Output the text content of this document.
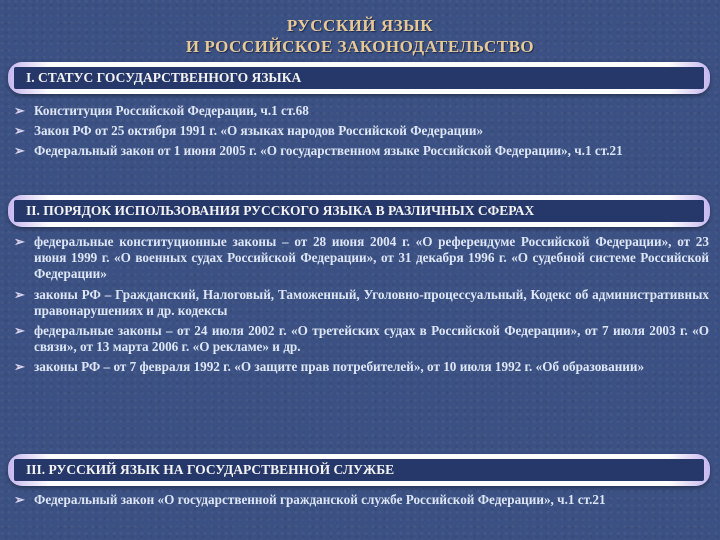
РУССКИЙ ЯЗЫК
И РОССИЙСКОЕ ЗАКОНОДАТЕЛЬСТВО
I. СТАТУС ГОСУДАРСТВЕННОГО ЯЗЫКА
➢ Конституция Российской Федерации, ч.1 ст.68
➢ Закон РФ от 25 октября 1991 г. «О языках народов Российской Федерации»
➢ Федеральный закон от 1 июня 2005 г. «О государственном языке Российской Федерации», ч.1 ст.21
II. ПОРЯДОК ИСПОЛЬЗОВАНИЯ РУССКОГО ЯЗЫКА В РАЗЛИЧНЫХ СФЕРАХ
➢ федеральные конституционные законы – от 28 июня 2004 г. «О референдуме Российской Федерации», от 23 июня 1999 г. «О военных судах Российской Федерации», от 31 декабря 1996 г. «О судебной системе Российской Федерации»
➢ законы РФ – Гражданский, Налоговый, Таможенный, Уголовно-процессуальный, Кодекс об административных правонарушениях и др. кодексы
➢ федеральные законы – от 24 июля 2002 г. «О третейских судах в Российской Федерации», от 7 июля 2003 г. «О связи», от 13 марта 2006 г. «О рекламе» и др.
➢ законы РФ – от 7 февраля 1992 г. «О защите прав потребителей», от 10 июля 1992 г. «Об образовании»
III. РУССКИЙ ЯЗЫК НА ГОСУДАРСТВЕННОЙ СЛУЖБЕ
➢ Федеральный закон «О государственной гражданской службе Российской Федерации», ч.1 ст.21
